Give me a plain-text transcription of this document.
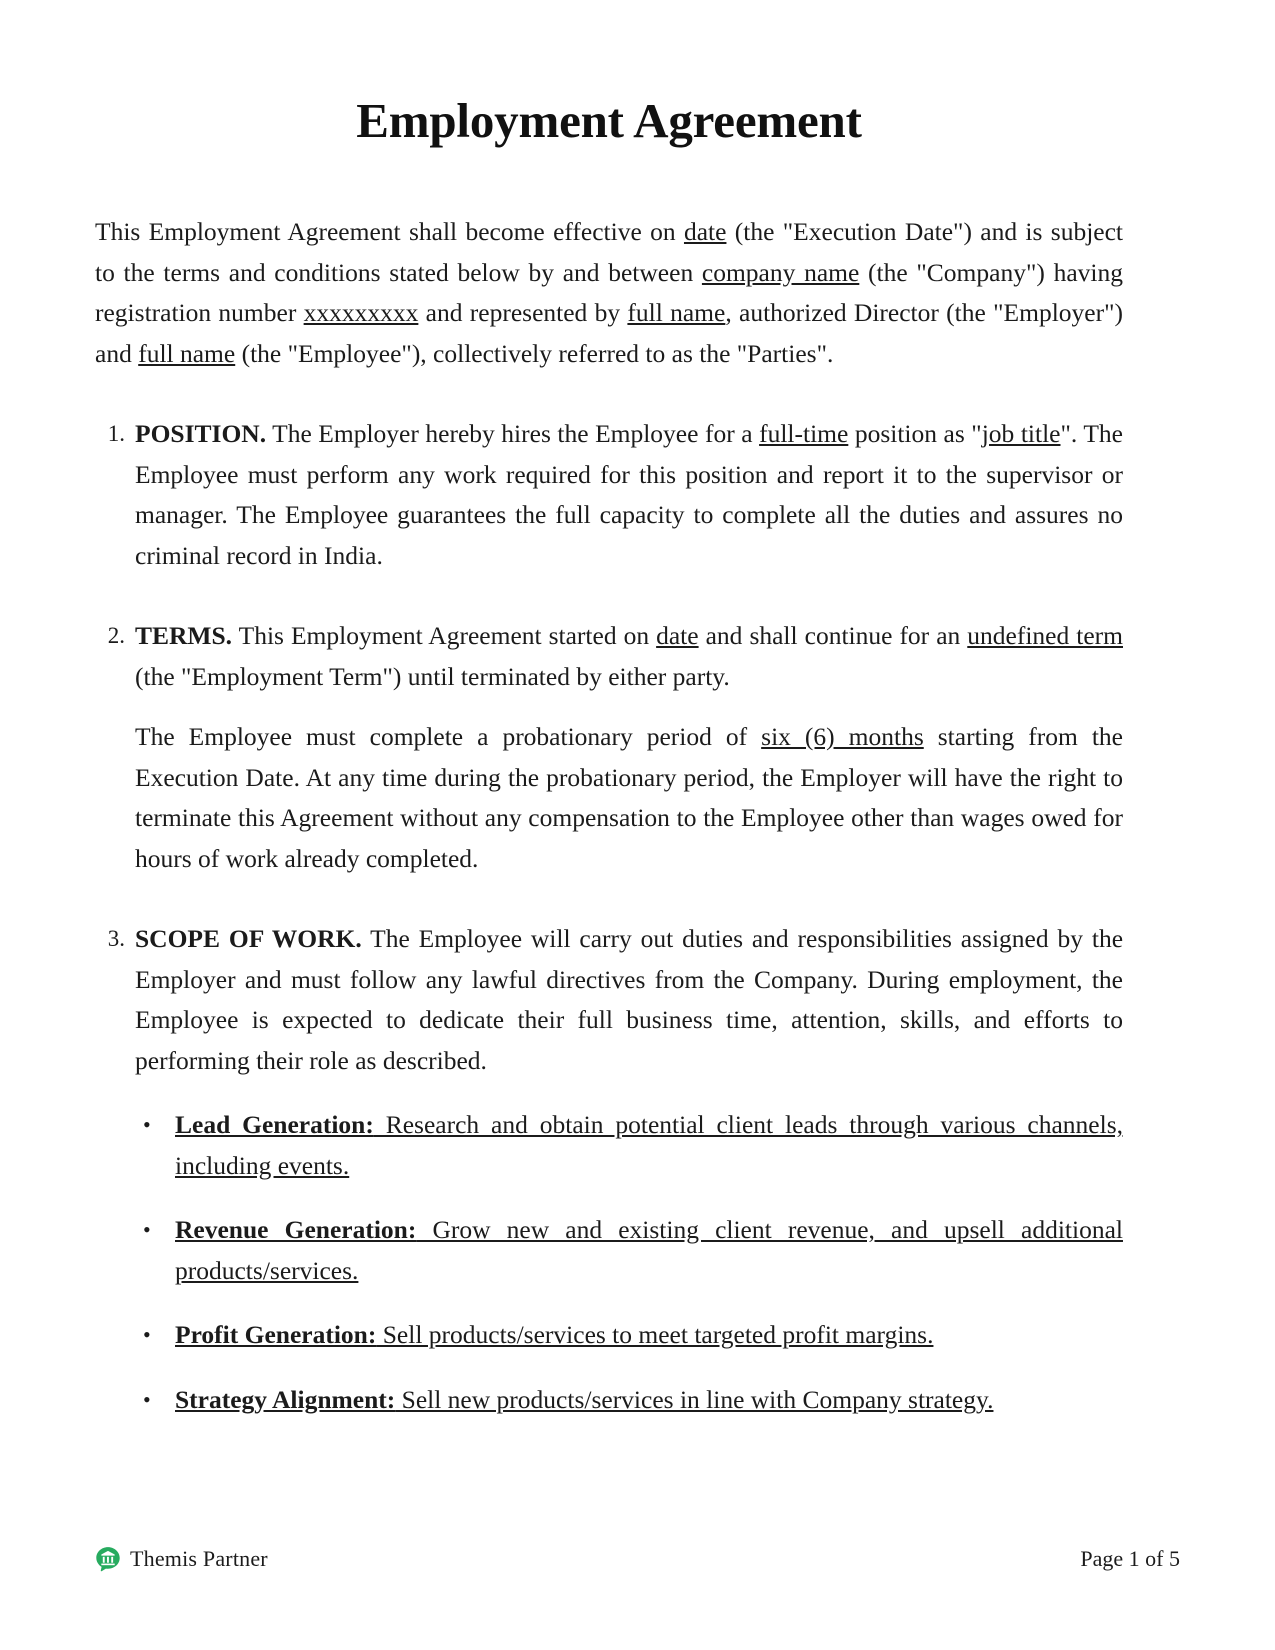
Employment Agreement

This Employment Agreement shall become effective on date (the "Execution Date") and is subject to the terms and conditions stated below by and between company name (the "Company") having registration number xxxxxxxxx and represented by full name, authorized Director (the "Employer") and full name (the "Employee"), collectively referred to as the "Parties".

POSITION. The Employer hereby hires the Employee for a full-time position as "job title". The Employee must perform any work required for this position and report it to the supervisor or manager. The Employee guarantees the full capacity to complete all the duties and assures no criminal record in India.

TERMS. This Employment Agreement started on date and shall continue for an undefined term (the "Employment Term") until terminated by either party.

The Employee must complete a probationary period of six (6) months starting from the Execution Date. At any time during the probationary period, the Employer will have the right to terminate this Agreement without any compensation to the Employee other than wages owed for hours of work already completed.

SCOPE OF WORK. The Employee will carry out duties and responsibilities assigned by the Employer and must follow any lawful directives from the Company. During employment, the Employee is expected to dedicate their full business time, attention, skills, and efforts to performing their role as described.

• Lead Generation: Research and obtain potential client leads through various channels, including events.
• Revenue Generation: Grow new and existing client revenue, and upsell additional products/services.
• Profit Generation: Sell products/services to meet targeted profit margins.
• Strategy Alignment: Sell new products/services in line with Company strategy.
Themis Partner	Page 1 of 5
